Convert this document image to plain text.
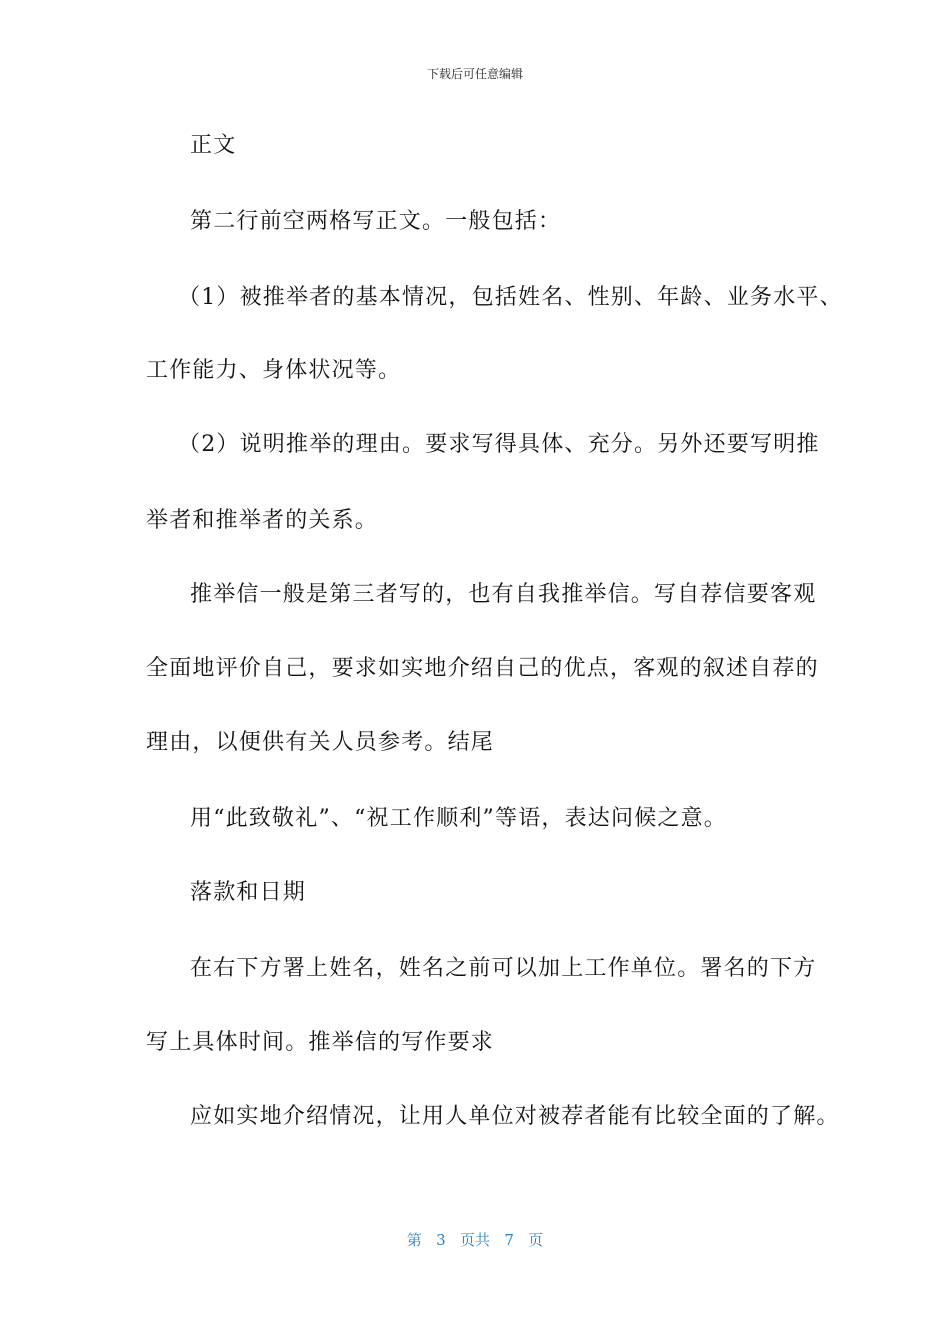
下载后可任意编辑
正文
第二行前空两格写正文。一般包括：
（1）被推举者的基本情况，包括姓名、性别、年龄、业务水平、
工作能力、身体状况等。
（2）说明推举的理由。要求写得具体、充分。另外还要写明推
举者和推举者的关系。
推举信一般是第三者写的，也有自我推举信。写自荐信要客观
全面地评价自己，要求如实地介绍自己的优点，客观的叙述自荐的
理由，以便供有关人员参考。结尾
用“此致敬礼”、“祝工作顺利”等语，表达问候之意。
落款和日期
在右下方署上姓名，姓名之前可以加上工作单位。署名的下方
写上具体时间。推举信的写作要求
应如实地介绍情况，让用人单位对被荐者能有比较全面的了解。
第 3 页共 7 页
